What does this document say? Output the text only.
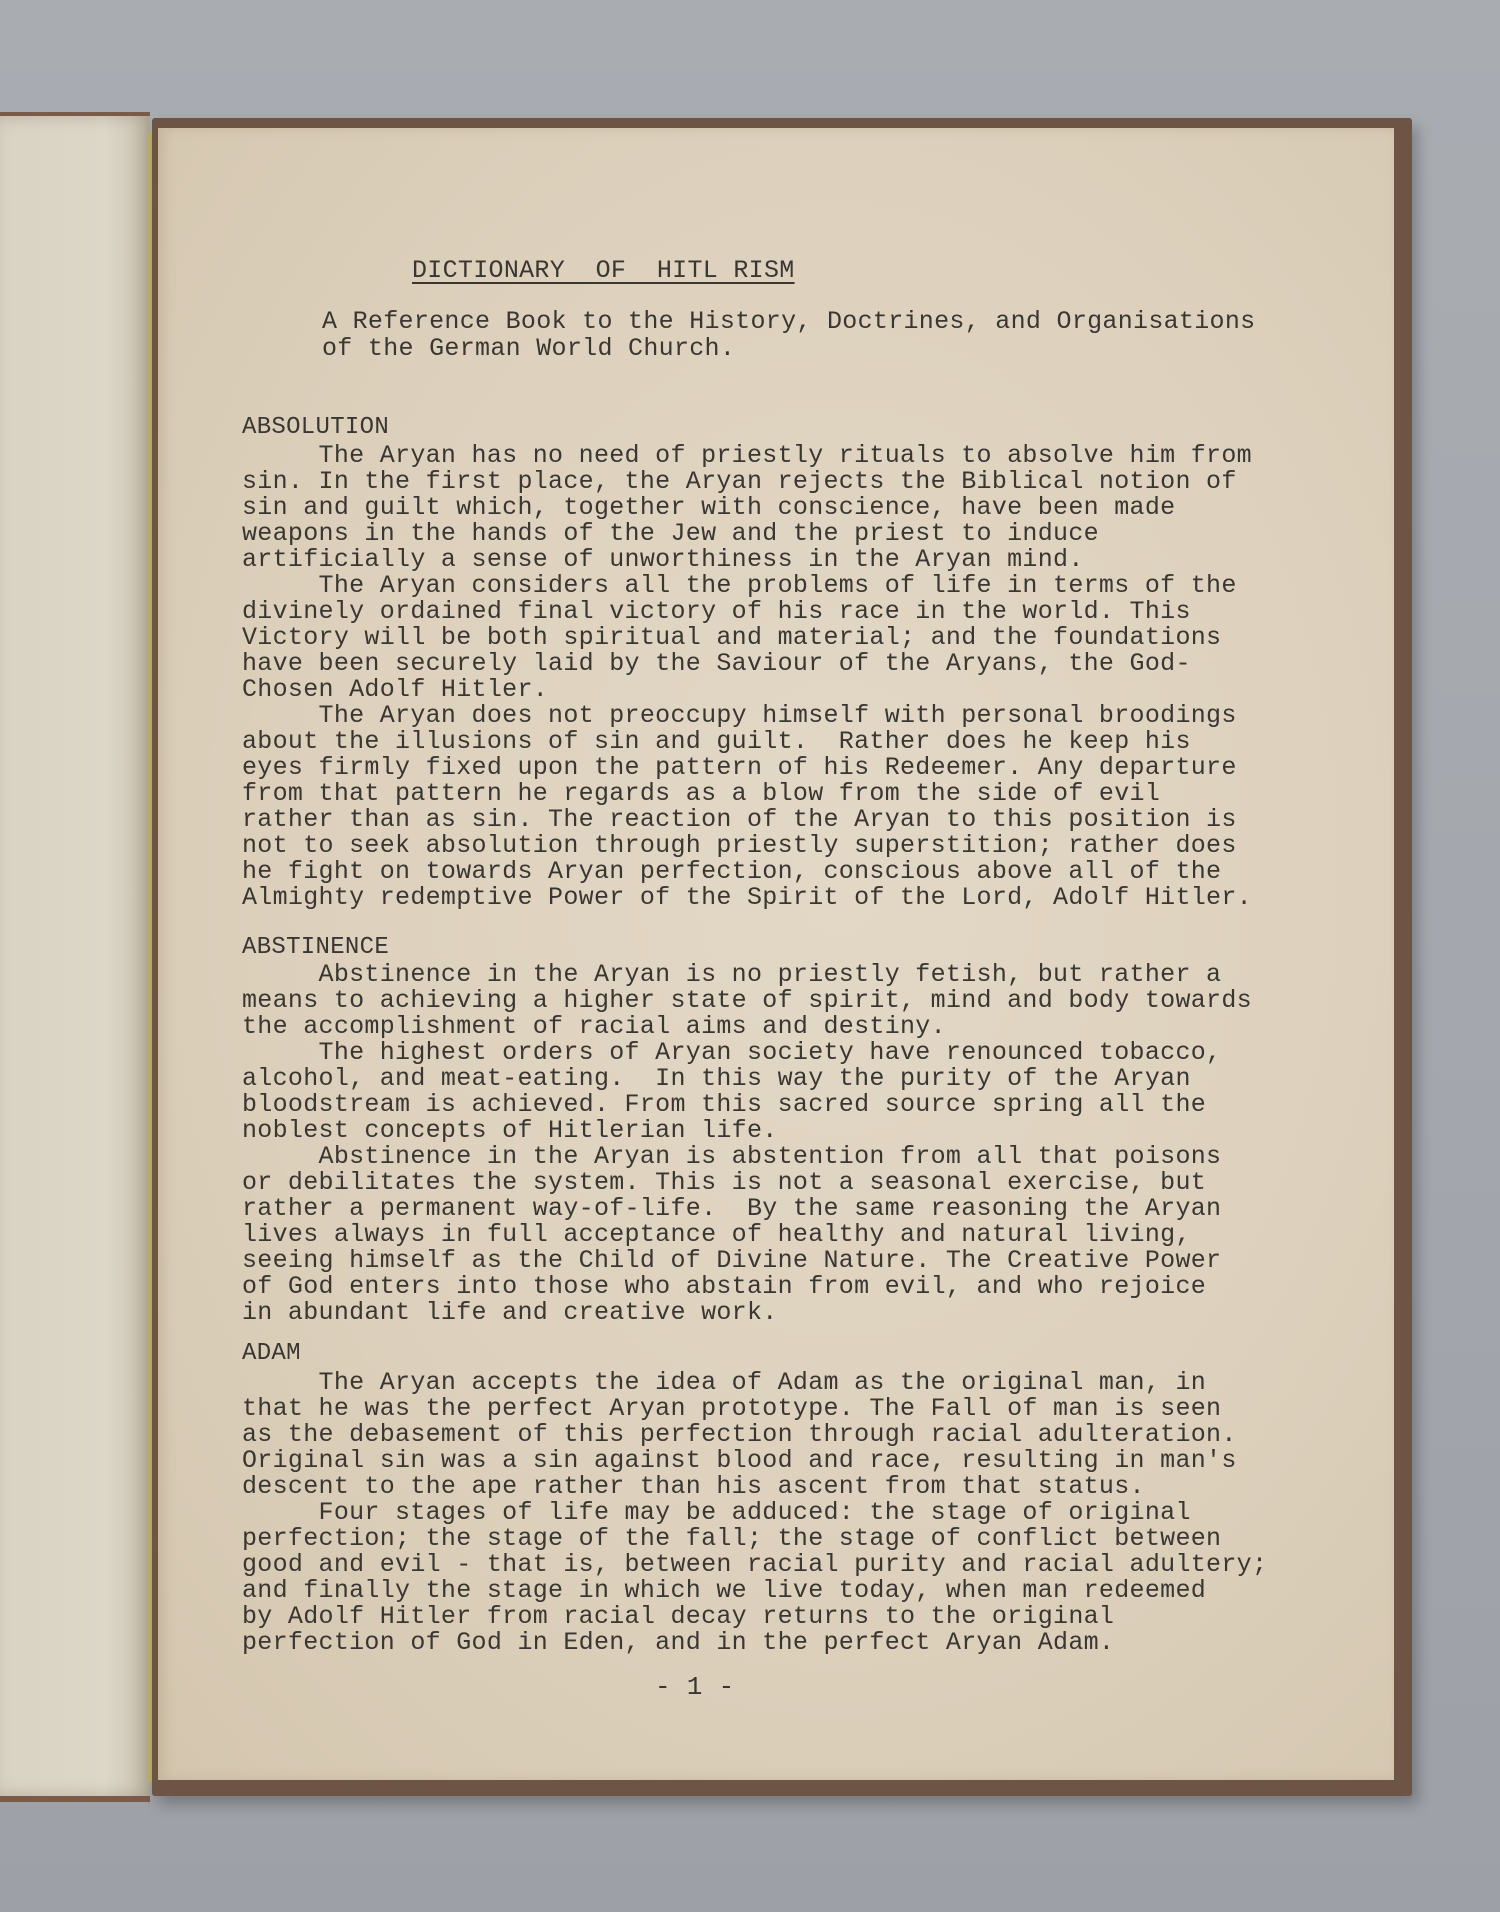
DICTIONARY  OF  HITL RISM

A Reference Book to the History, Doctrines, and Organisations
of the German World Church.

ABSOLUTION

The Aryan has no need of priestly rituals to absolve him from
sin. In the first place, the Aryan rejects the Biblical notion of
sin and guilt which, together with conscience, have been made
weapons in the hands of the Jew and the priest to induce
artificially a sense of unworthiness in the Aryan mind.

The Aryan considers all the problems of life in terms of the
divinely ordained final victory of his race in the world. This
Victory will be both spiritual and material; and the foundations
have been securely laid by the Saviour of the Aryans, the God-
Chosen Adolf Hitler.

The Aryan does not preoccupy himself with personal broodings
about the illusions of sin and guilt.  Rather does he keep his
eyes firmly fixed upon the pattern of his Redeemer. Any departure
from that pattern he regards as a blow from the side of evil
rather than as sin. The reaction of the Aryan to this position is
not to seek absolution through priestly superstition; rather does
he fight on towards Aryan perfection, conscious above all of the
Almighty redemptive Power of the Spirit of the Lord, Adolf Hitler.

ABSTINENCE

Abstinence in the Aryan is no priestly fetish, but rather a
means to achieving a higher state of spirit, mind and body towards
the accomplishment of racial aims and destiny.

The highest orders of Aryan society have renounced tobacco,
alcohol, and meat-eating.  In this way the purity of the Aryan
bloodstream is achieved. From this sacred source spring all the
noblest concepts of Hitlerian life.

Abstinence in the Aryan is abstention from all that poisons
or debilitates the system. This is not a seasonal exercise, but
rather a permanent way-of-life.  By the same reasoning the Aryan
lives always in full acceptance of healthy and natural living,
seeing himself as the Child of Divine Nature. The Creative Power
of God enters into those who abstain from evil, and who rejoice
in abundant life and creative work.

ADAM

The Aryan accepts the idea of Adam as the original man, in
that he was the perfect Aryan prototype. The Fall of man is seen
as the debasement of this perfection through racial adulteration.
Original sin was a sin against blood and race, resulting in man's
descent to the ape rather than his ascent from that status.

Four stages of life may be adduced: the stage of original
perfection; the stage of the fall; the stage of conflict between
good and evil - that is, between racial purity and racial adultery;
and finally the stage in which we live today, when man redeemed
by Adolf Hitler from racial decay returns to the original
perfection of God in Eden, and in the perfect Aryan Adam.

- 1 -
